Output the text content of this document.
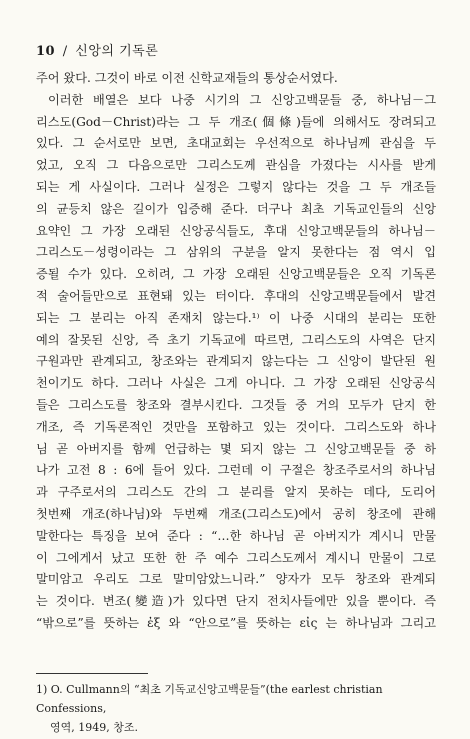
10 / 신앙의 기독론
주어 왔다. 그것이 바로 이전 신학교재들의 통상순서였다.
이러한 배열은 보다 나중 시기의 그 신앙고백문들 중, 하나님－그
리스도(God－Christ)라는 그 두 개조(個條)들에 의해서도 장려되고
있다. 그 순서로만 보면, 초대교회는 우선적으로 하나님께 관심을 두
었고, 오직 그 다음으로만 그리스도께 관심을 가졌다는 시사를 받게
되는 게 사실이다. 그러나 실정은 그렇지 않다는 것을 그 두 개조들
의 균등치 않은 길이가 입증해 준다. 더구나 최초 기독교인들의 신앙
요약인 그 가장 오래된 신앙공식들도, 후대 신앙고백문들의 하나님－
그리스도－성령이라는 그 삼위의 구분을 알지 못한다는 점 역시 입
증될 수가 있다. 오히려, 그 가장 오래된 신앙고백문들은 오직 기독론
적 술어들만으로 표현돼 있는 터이다. 후대의 신앙고백문들에서 발견
되는 그 분리는 아직 존재치 않는다.¹⁾ 이 나중 시대의 분리는 또한
예의 잘못된 신앙, 즉 초기 기독교에 따르면, 그리스도의 사역은 단지
구원과만 관계되고, 창조와는 관계되지 않는다는 그 신앙이 발단된 원
천이기도 하다. 그러나 사실은 그게 아니다. 그 가장 오래된 신앙공식
들은 그리스도를 창조와 결부시킨다. 그것들 중 거의 모두가 단지 한
개조, 즉 기독론적인 것만을 포함하고 있는 것이다. 그리스도와 하나
님 곧 아버지를 함께 언급하는 몇 되지 않는 그 신앙고백문들 중 하
나가 고전 8 : 6에 들어 있다. 그런데 이 구절은 창조주로서의 하나님
과 구주로서의 그리스도 간의 그 분리를 알지 못하는 데다, 도리어
첫번째 개조(하나님)와 두번째 개조(그리스도)에서 공히 창조에 관해
말한다는 특징을 보여 준다 : “…한 하나님 곧 아버지가 계시니 만물
이 그에게서 났고 또한 한 주 예수 그리스도께서 계시니 만물이 그로
말미암고 우리도 그로 말미암았느니라.” 양자가 모두 창조와 관계되
는 것이다. 변조(變造)가 있다면 단지 전치사들에만 있을 뿐이다. 즉
“밖으로”를 뜻하는 ἐξ 와 “안으로”를 뜻하는 εἰς 는 하나님과 그리고
1) O. Cullmann의 “최초 기독교신앙고백문들”(the earlest christian Confessions,
영역, 1949, 창조.
